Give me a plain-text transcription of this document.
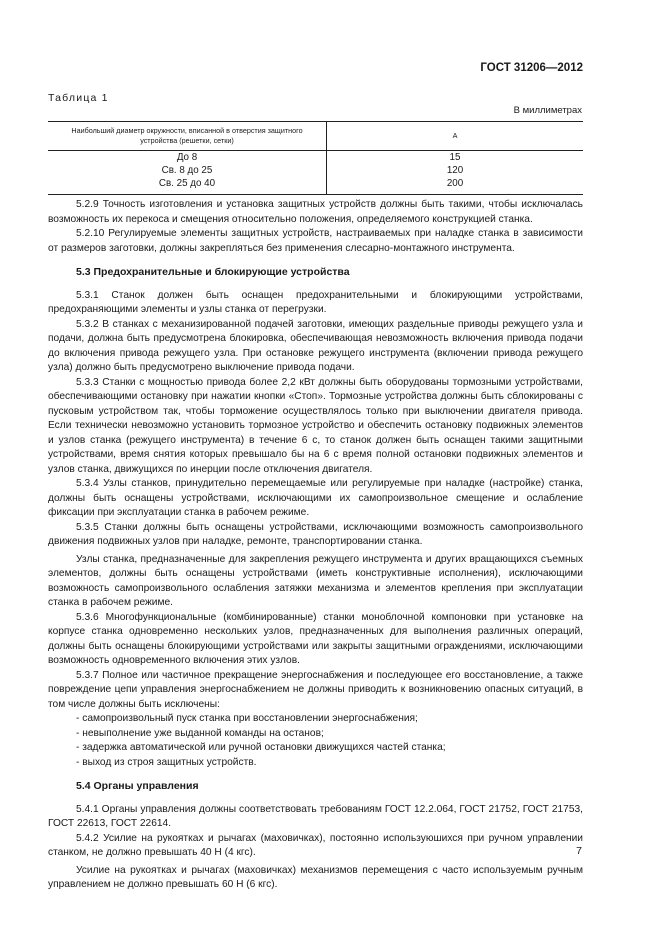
ГОСТ 31206—2012
Таблица 1
В миллиметрах
Наибольший диаметр окружности, вписанной в отверстия защитного устройства (решетки, сетки)	A
До 8	15
Св. 8 до 25	120
Св. 25 до 40	200

5.2.9 Точность изготовления и установка защитных устройств должны быть такими, чтобы исключалась возможность их перекоса и смещения относительно положения, определяемого конструкцией станка.

5.2.10 Регулируемые элементы защитных устройств, настраиваемых при наладке станка в зависимости от размеров заготовки, должны закрепляться без применения слесарно-монтажного инструмента.

5.3 Предохранительные и блокирующие устройства

5.3.1 Станок должен быть оснащен предохранительными и блокирующими устройствами, предохраняющими элементы и узлы станка от перегрузки.

5.3.2 В станках с механизированной подачей заготовки, имеющих раздельные приводы режущего узла и подачи, должна быть предусмотрена блокировка, обеспечивающая невозможность включения привода подачи до включения привода режущего узла. При остановке режущего инструмента (включении привода режущего узла) должно быть предусмотрено выключение привода подачи.

5.3.3 Станки с мощностью привода более 2,2 кВт должны быть оборудованы тормозными устройствами, обеспечивающими остановку при нажатии кнопки «Стоп». Тормозные устройства должны быть сблокированы с пусковым устройством так, чтобы торможение осуществлялось только при выключении двигателя привода. Если технически невозможно установить тормозное устройство и обеспечить остановку подвижных элементов и узлов станка (режущего инструмента) в течение 6 с, то станок должен быть оснащен такими защитными устройствами, время снятия которых превышало бы на 6 с время полной остановки подвижных элементов и узлов станка, движущихся по инерции после отключения двигателя.

5.3.4 Узлы станков, принудительно перемещаемые или регулируемые при наладке (настройке) станка, должны быть оснащены устройствами, исключающими их самопроизвольное смещение и ослабление фиксации при эксплуатации станка в рабочем режиме.

5.3.5 Станки должны быть оснащены устройствами, исключающими возможность самопроизвольного движения подвижных узлов при наладке, ремонте, транспортировании станка.

Узлы станка, предназначенные для закрепления режущего инструмента и других вращающихся съемных элементов, должны быть оснащены устройствами (иметь конструктивные исполнения), исключающими возможность самопроизвольного ослабления затяжки механизма и элементов крепления при эксплуатации станка в рабочем режиме.

5.3.6 Многофункциональные (комбинированные) станки моноблочной компоновки при установке на корпусе станка одновременно нескольких узлов, предназначенных для выполнения различных операций, должны быть оснащены блокирующими устройствами или закрыты защитными ограждениями, исключающими возможность одновременного включения этих узлов.

5.3.7 Полное или частичное прекращение энергоснабжения и последующее его восстановление, а также повреждение цепи управления энергоснабжением не должны приводить к возникновению опасных ситуаций, в том числе должны быть исключены:

- самопроизвольный пуск станка при восстановлении энергоснабжения;
- невыполнение уже выданной команды на останов;
- задержка автоматической или ручной остановки движущихся частей станка;
- выход из строя защитных устройств.
5.4 Органы управления

5.4.1 Органы управления должны соответствовать требованиям ГОСТ 12.2.064, ГОСТ 21752, ГОСТ 21753, ГОСТ 22613, ГОСТ 22614.

5.4.2 Усилие на рукоятках и рычагах (маховичках), постоянно используюшихся при ручном управлении станком, не должно превышать 40 Н (4 кгс).

Усилие на рукоятках и рычагах (маховичках) механизмов перемещения с часто используемым ручным управлением не должно превышать 60 Н (6 кгс).

7
